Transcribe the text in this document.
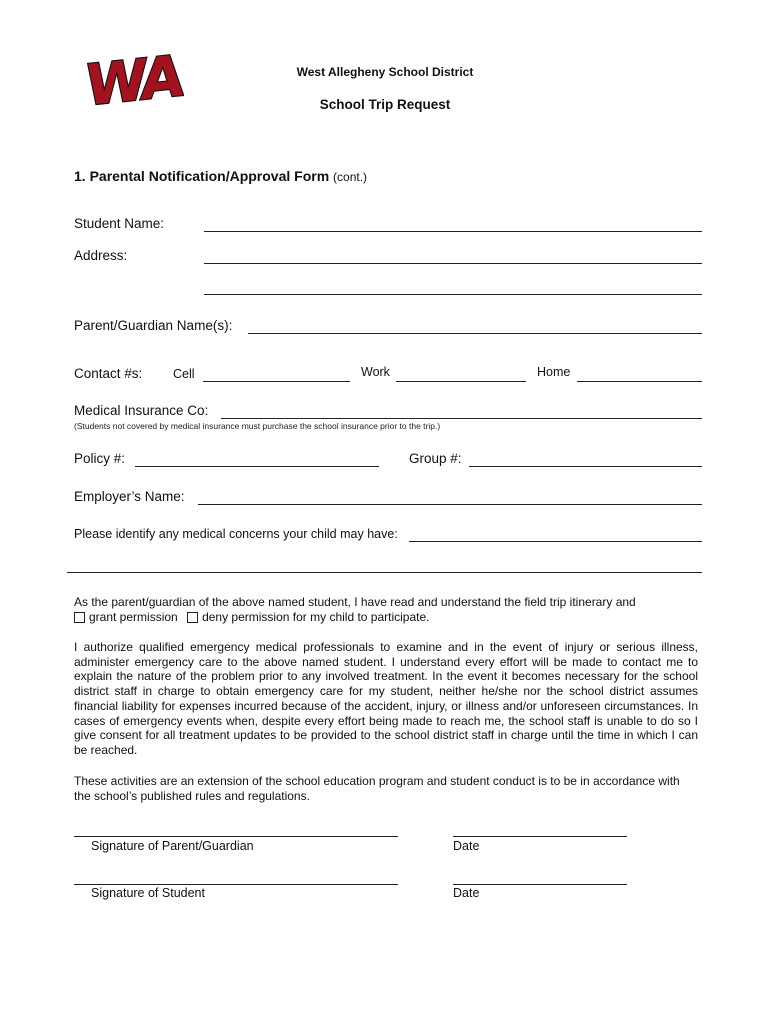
WA	West Allegheny School District
School Trip Request
1. Parental Notification/Approval Form (cont.)
Student Name:
Address:
Parent/Guardian Name(s):
Contact #s: Cell	Work	Home
Medical Insurance Co:
(Students not covered by medical insurance must purchase the school insurance prior to the trip.)
Policy #:	Group #:
Employer’s Name:
Please identify any medical concerns your child may have:
As the parent/guardian of the above named student, I have read and understand the field trip itinerary and
grant permission deny permission for my child to participate.
I authorize qualified emergency medical professionals to examine and in the event of injury or serious illness, administer emergency care to the above named student. I understand every effort will be made to contact me to explain the nature of the problem prior to any involved treatment. In the event it becomes necessary for the school district staff in charge to obtain emergency care for my student, neither he/she nor the school district assumes financial liability for expenses incurred because of the accident, injury, or illness and/or unforeseen circumstances. In cases of emergency events when, despite every effort being made to reach me, the school staff is unable to do so I give consent for all treatment updates to be provided to the school district staff in charge until the time in which I can be reached.
These activities are an extension of the school education program and student conduct is to be in accordance with the school’s published rules and regulations.
Signature of Parent/Guardian	Date
Signature of Student	Date
